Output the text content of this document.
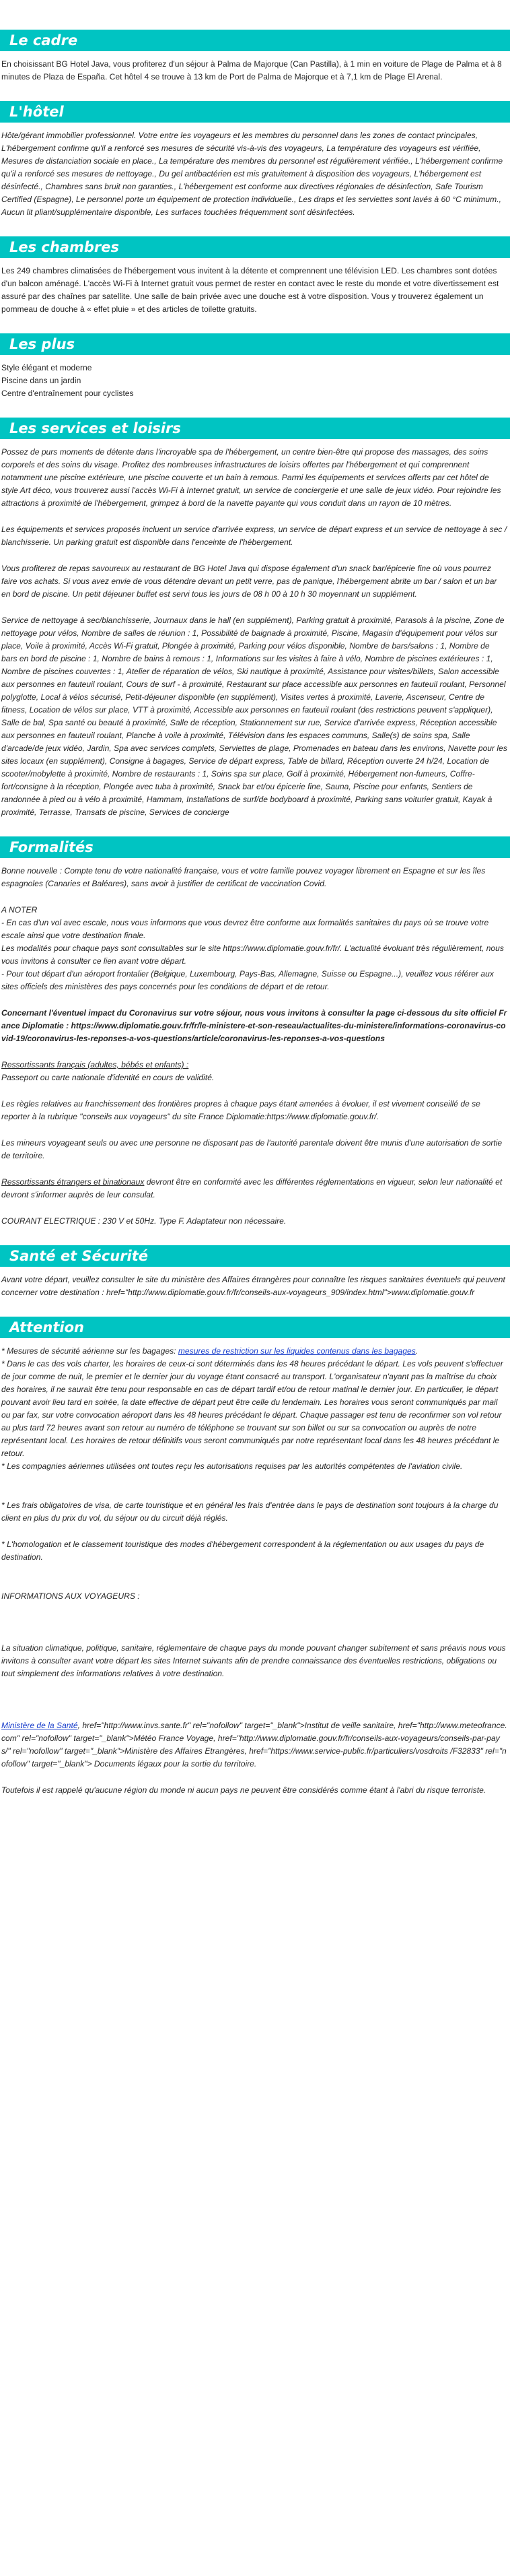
Le cadre

En choisissant BG Hotel Java, vous profiterez d'un séjour à Palma de Majorque (Can Pastilla), à 1 min en voiture de Plage de Palma et à 8 minutes de Plaza de España. Cet hôtel 4 se trouve à 13 km de Port de Palma de Majorque et à 7,1 km de Plage El Arenal.

L'hôtel

Hôte/gérant immobilier professionnel. Votre entre les voyageurs et les membres du personnel dans les zones de contact principales, L'hébergement confirme qu'il a renforcé ses mesures de sécurité vis-à-vis des voyageurs, La température des voyageurs est vérifiée, Mesures de distanciation sociale en place., La température des membres du personnel est régulièrement vérifiée., L'hébergement confirme qu'il a renforcé ses mesures de nettoyage., Du gel antibactérien est mis gratuitement à disposition des voyageurs, L'hébergement est désinfecté., Chambres sans bruit non garanties., L'hébergement est conforme aux directives régionales de désinfection, Safe Tourism Certified (Espagne), Le personnel porte un équipement de protection individuelle., Les draps et les serviettes sont lavés à 60 °C minimum., Aucun lit pliant/supplémentaire disponible, Les surfaces touchées fréquemment sont désinfectées.

Les chambres

Les 249 chambres climatisées de l'hébergement vous invitent à la détente et comprennent une télévision LED. Les chambres sont dotées d'un balcon aménagé. L'accès Wi-Fi à Internet gratuit vous permet de rester en contact avec le reste du monde et votre divertissement est assuré par des chaînes par satellite. Une salle de bain privée avec une douche est à votre disposition. Vous y trouverez également un pommeau de douche à « effet pluie » et des articles de toilette gratuits.

Les plus
Style élégant et moderne
Piscine dans un jardin
Centre d'entraînement pour cyclistes
Les services et loisirs

Possez de purs moments de détente dans l'incroyable spa de l'hébergement, un centre bien-être qui propose des massages, des soins corporels et des soins du visage. Profitez des nombreuses infrastructures de loisirs offertes par l'hébergement et qui comprennent notamment une piscine extérieure, une piscine couverte et un bain à remous. Parmi les équipements et services offerts par cet hôtel de style Art déco, vous trouverez aussi l'accès Wi-Fi à Internet gratuit, un service de conciergerie et une salle de jeux vidéo. Pour rejoindre les attractions à proximité de l'hébergement, grimpez à bord de la navette payante qui vous conduit dans un rayon de 10 mètres.

Les équipements et services proposés incluent un service d'arrivée express, un service de départ express et un service de nettoyage à sec / blanchisserie. Un parking gratuit est disponible dans l'enceinte de l'hébergement.

Vous profiterez de repas savoureux au restaurant de BG Hotel Java qui dispose également d'un snack bar/épicerie fine où vous pourrez faire vos achats. Si vous avez envie de vous détendre devant un petit verre, pas de panique, l'hébergement abrite un bar / salon et un bar en bord de piscine. Un petit déjeuner buffet est servi tous les jours de 08 h 00 à 10 h 30 moyennant un supplément.

Service de nettoyage à sec/blanchisserie, Journaux dans le hall (en supplément), Parking gratuit à proximité, Parasols à la piscine, Zone de nettoyage pour vélos, Nombre de salles de réunion : 1, Possibilité de baignade à proximité, Piscine, Magasin d'équipement pour vélos sur place, Voile à proximité, Accès Wi-Fi gratuit, Plongée à proximité, Parking pour vélos disponible, Nombre de bars/salons : 1, Nombre de bars en bord de piscine : 1, Nombre de bains à remous : 1, Informations sur les visites à faire à vélo, Nombre de piscines extérieures : 1, Nombre de piscines couvertes : 1, Atelier de réparation de vélos, Ski nautique à proximité, Assistance pour visites/billets, Salon accessible aux personnes en fauteuil roulant, Cours de surf - à proximité, Restaurant sur place accessible aux personnes en fauteuil roulant, Personnel polyglotte, Local à vélos sécurisé, Petit-déjeuner disponible (en supplément), Visites vertes à proximité, Laverie, Ascenseur, Centre de fitness, Location de vélos sur place, VTT à proximité, Accessible aux personnes en fauteuil roulant (des restrictions peuvent s'appliquer), Salle de bal, Spa santé ou beauté à proximité, Salle de réception, Stationnement sur rue, Service d'arrivée express, Réception accessible aux personnes en fauteuil roulant, Planche à voile à proximité, Télévision dans les espaces communs, Salle(s) de soins spa, Salle d'arcade/de jeux vidéo, Jardin, Spa avec services complets, Serviettes de plage, Promenades en bateau dans les environs, Navette pour les sites locaux (en supplément), Consigne à bagages, Service de départ express, Table de billard, Réception ouverte 24 h/24, Location de scooter/mobylette à proximité, Nombre de restaurants : 1, Soins spa sur place, Golf à proximité, Hébergement non-fumeurs, Coffre-fort/consigne à la réception, Plongée avec tuba à proximité, Snack bar et/ou épicerie fine, Sauna, Piscine pour enfants, Sentiers de randonnée à pied ou à vélo à proximité, Hammam, Installations de surf/de bodyboard à proximité, Parking sans voiturier gratuit, Kayak à proximité, Terrasse, Transats de piscine, Services de concierge

Formalités

Bonne nouvelle : Compte tenu de votre nationalité française, vous et votre famille pouvez voyager librement en Espagne et sur les îles espagnoles (Canaries et Baléares), sans avoir à justifier de certificat de vaccination Covid.

A NOTER
- En cas d'un vol avec escale, nous vous informons que vous devrez être conforme aux formalités sanitaires du pays où se trouve votre escale ainsi que votre destination finale.
Les modalités pour chaque pays sont consultables sur le site https://www.diplomatie.gouv.fr/fr/. L'actualité évoluant très régulièrement, nous vous invitons à consulter ce lien avant votre départ.
- Pour tout départ d'un aéroport frontalier (Belgique, Luxembourg, Pays-Bas, Allemagne, Suisse ou Espagne...), veuillez vous référer aux sites officiels des ministères des pays concernés pour les conditions de départ et de retour.

Concernant l'éventuel impact du Coronavirus sur votre séjour, nous vous invitons à consulter la page ci-dessous du site officiel France Diplomatie : https://www.diplomatie.gouv.fr/fr/le-ministere-et-son-reseau/actualites-du-ministere/informations-coronavirus-covid-19/coronavirus-les-reponses-a-vos-questions/article/coronavirus-les-reponses-a-vos-questions

Ressortissants français (adultes, bébés et enfants) :
Passeport ou carte nationale d'identité en cours de validité.

Les règles relatives au franchissement des frontières propres à chaque pays étant amenées à évoluer, il est vivement conseillé de se reporter à la rubrique "conseils aux voyageurs" du site France Diplomatie:https://www.diplomatie.gouv.fr/.

Les mineurs voyageant seuls ou avec une personne ne disposant pas de l'autorité parentale doivent être munis d'une autorisation de sortie de territoire.

Ressortissants étrangers et binationaux devront être en conformité avec les différentes réglementations en vigueur, selon leur nationalité et devront s'informer auprès de leur consulat.

COURANT ELECTRIQUE : 230 V et 50Hz. Type F. Adaptateur non nécessaire.

Santé et Sécurité

Avant votre départ, veuillez consulter le site du ministère des Affaires étrangères pour connaître les risques sanitaires éventuels qui peuvent concerner votre destination : href="http://www.diplomatie.gouv.fr/fr/conseils-aux-voyageurs_909/index.html">www.diplomatie.gouv.fr

Attention

* Mesures de sécurité aérienne sur les bagages: mesures de restriction sur les liquides contenus dans les bagages.

* Dans le cas des vols charter, les horaires de ceux-ci sont déterminés dans les 48 heures précédant le départ. Les vols peuvent s'effectuer de jour comme de nuit, le premier et le dernier jour du voyage étant consacré au transport. L'organisateur n'ayant pas la maîtrise du choix des horaires, il ne saurait être tenu pour responsable en cas de départ tardif et/ou de retour matinal le dernier jour. En particulier, le départ pouvant avoir lieu tard en soirée, la date effective de départ peut être celle du lendemain. Les horaires vous seront communiqués par mail ou par fax, sur votre convocation aéroport dans les 48 heures précédant le départ. Chaque passager est tenu de reconfirmer son vol retour au plus tard 72 heures avant son retour au numéro de téléphone se trouvant sur son billet ou sur sa convocation ou auprès de notre représentant local. Les horaires de retour définitifs vous seront communiqués par notre représentant local dans les 48 heures précédant le retour.

* Les compagnies aériennes utilisées ont toutes reçu les autorisations requises par les autorités compétentes de l'aviation civile.

* Les frais obligatoires de visa, de carte touristique et en général les frais d'entrée dans le pays de destination sont toujours à la charge du client en plus du prix du vol, du séjour ou du circuit déjà réglés.

* L'homologation et le classement touristique des modes d'hébergement correspondent à la réglementation ou aux usages du pays de destination.

INFORMATIONS AUX VOYAGEURS :

La situation climatique, politique, sanitaire, réglementaire de chaque pays du monde pouvant changer subitement et sans préavis nous vous invitons à consulter avant votre départ les sites Internet suivants afin de prendre connaissance des éventuelles restrictions, obligations ou tout simplement des informations relatives à votre destination.

Ministère de la Santé, href="http://www.invs.sante.fr" rel="nofollow" target="_blank">Institut de veille sanitaire, href="http://www.meteofrance.com" rel="nofollow" target="_blank">Météo France Voyage, href="http://www.diplomatie.gouv.fr/fr/conseils-aux-voyageurs/conseils-par-pays/" rel="nofollow" target="_blank">Ministère des Affaires Etrangères, href="https://www.service-public.fr/particuliers/vosdroits /F32833" rel="nofollow" target="_blank"> Documents légaux pour la sortie du territoire.

Toutefois il est rappelé qu'aucune région du monde ni aucun pays ne peuvent être considérés comme étant à l'abri du risque terroriste.
